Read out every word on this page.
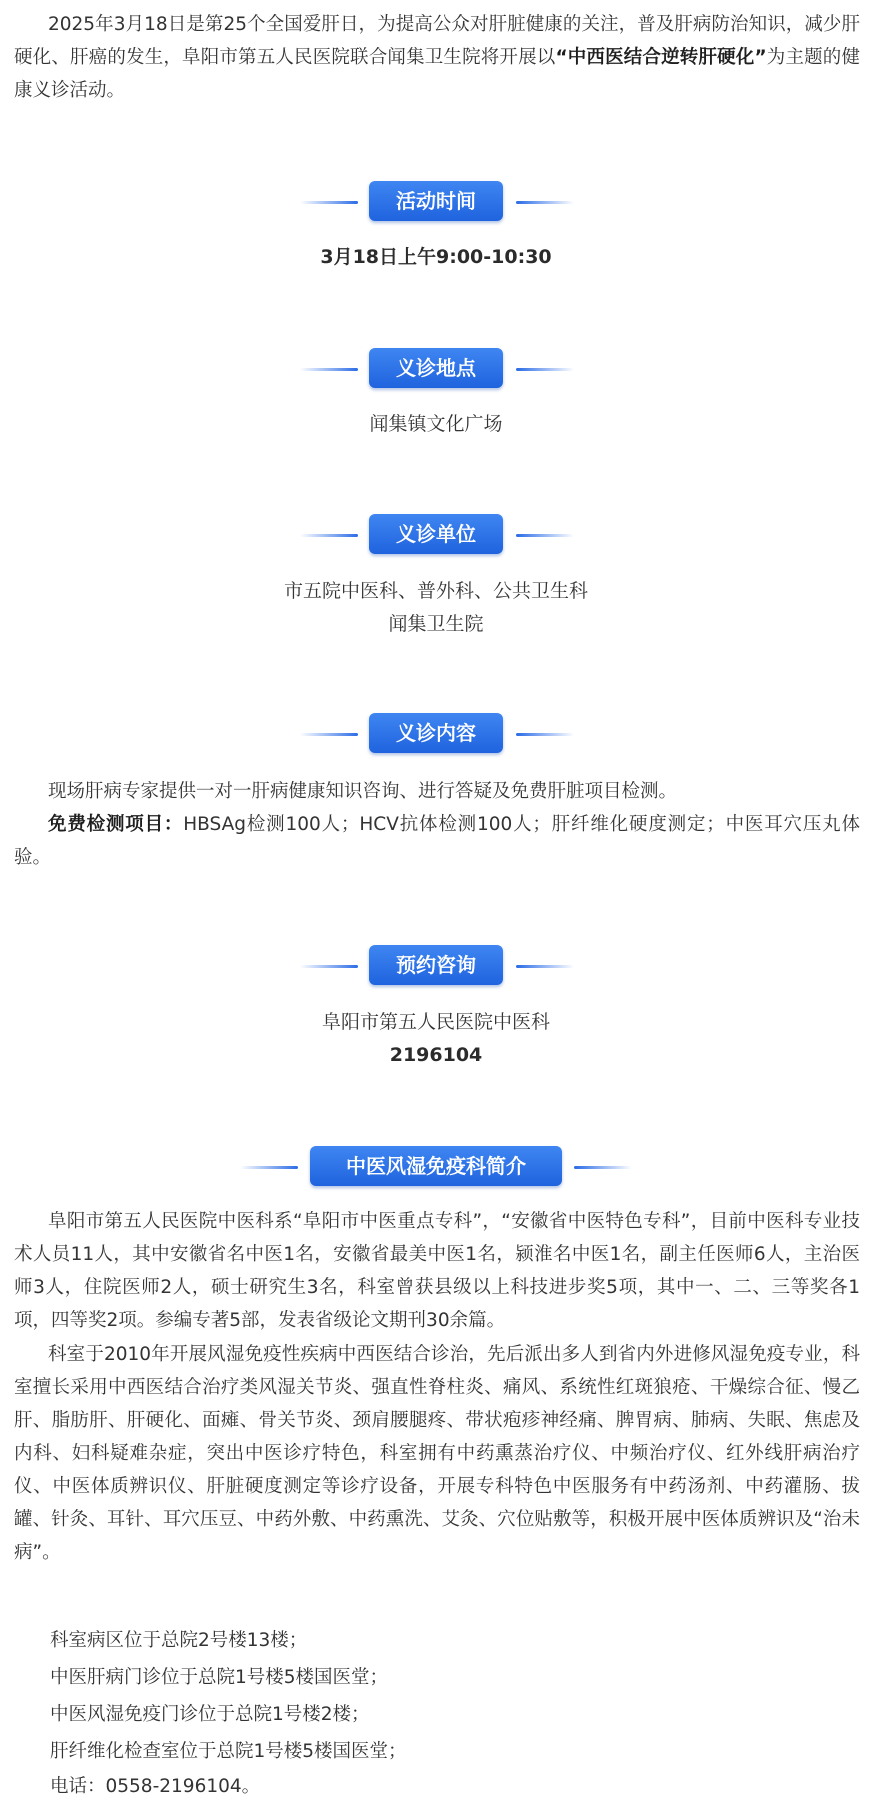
2025年3月18日是第25个全国爱肝日，为提高公众对肝脏健康的关注，普及肝病防治知识，减少肝硬化、肝癌的发生，阜阳市第五人民医院联合闻集卫生院将开展以“中西医结合逆转肝硬化”为主题的健康义诊活动。

活动时间
3月18日上午9:00-10:30
义诊地点
闻集镇文化广场
义诊单位
市五院中医科、普外科、公共卫生科
闻集卫生院
义诊内容

现场肝病专家提供一对一肝病健康知识咨询、进行答疑及免费肝脏项目检测。

免费检测项目：HBSAg检测100人；HCV抗体检测100人；肝纤维化硬度测定；中医耳穴压丸体验。

预约咨询
阜阳市第五人民医院中医科
2196104
中医风湿免疫科简介

阜阳市第五人民医院中医科系“阜阳市中医重点专科”，“安徽省中医特色专科”，目前中医科专业技术人员11人，其中安徽省名中医1名，安徽省最美中医1名，颍淮名中医1名，副主任医师6人，主治医师3人，住院医师2人，硕士研究生3名，科室曾获县级以上科技进步奖5项，其中一、二、三等奖各1项，四等奖2项。参编专著5部，发表省级论文期刊30余篇。

科室于2010年开展风湿免疫性疾病中西医结合诊治，先后派出多人到省内外进修风湿免疫专业，科室擅长采用中西医结合治疗类风湿关节炎、强直性脊柱炎、痛风、系统性红斑狼疮、干燥综合征、慢乙肝、脂肪肝、肝硬化、面瘫、骨关节炎、颈肩腰腿疼、带状疱疹神经痛、脾胃病、肺病、失眠、焦虑及内科、妇科疑难杂症，突出中医诊疗特色，科室拥有中药熏蒸治疗仪、中频治疗仪、红外线肝病治疗仪、中医体质辨识仪、肝脏硬度测定等诊疗设备，开展专科特色中医服务有中药汤剂、中药灌肠、拔罐、针灸、耳针、耳穴压豆、中药外敷、中药熏洗、艾灸、穴位贴敷等，积极开展中医体质辨识及“治未病”。

科室病区位于总院2号楼13楼；

中医肝病门诊位于总院1号楼5楼国医堂；

中医风湿免疫门诊位于总院1号楼2楼；

肝纤维化检查室位于总院1号楼5楼国医堂；

电话：0558-2196104。
